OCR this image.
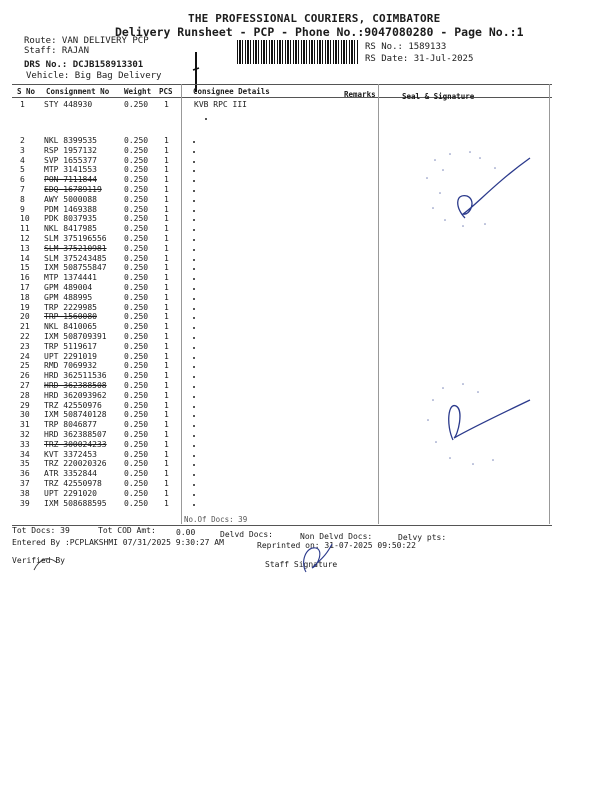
THE PROFESSIONAL COURIERS, COIMBATORE
Delivery Runsheet - PCP - Phone No.:9047080280 - Page No.:1
Route: VAN DELIVERY PCP
Staff: RAJAN
DRS No.: DCJB158913301
Vehicle: Big Bag Delivery
RS No.: 1589133
RS Date: 31-Jul-2025
S No Consignment No Weight PCS	Consignee Details	Remarks	Seal & Signature
1 STY 448930	0.250 1	KVB RPC III
2 NKL 8399535	0.250 1
3 RSP 1957132	0.250 1
4 SVP 1655377	0.250 1
5 MTP 3141553	0.250 1
6 PON 7111844	0.250 1
7 EDQ 16789119	0.250 1
8 AWY 5000088	0.250 1
9 PDM 1469388	0.250 1
10 PDK 8037935	0.250 1
11 NKL 8417985	0.250 1
12 SLM 375196556 0.250 1
13 SLM 375210981 0.250 1
14 SLM 375243485 0.250 1
15 IXM 508755847 0.250 1
16 MTP 1374441	0.250 1
17 GPM 489004	0.250 1
18 GPM 488995	0.250 1
19 TRP 2229985	0.250 1
20 TRP 1560080	0.250 1
21 NKL 8410065	0.250 1
22 IXM 508709391 0.250 1
23 TRP 5119617	0.250 1
24 UPT 2291019	0.250 1
25 RMD 7069932	0.250 1
26 HRD 362511536 0.250 1
27 HRD 362388508 0.250 1
28 HRD 362093962 0.250 1
29 TRZ 42550976	0.250 1
30 IXM 508740128 0.250 1
31 TRP 8046877	0.250 1
32 HRD 362388507 0.250 1
33 TRZ 300024233 0.250 1
34 KVT 3372453	0.250 1
35 TRZ 220020326 0.250 1
36 ATR 3352844	0.250 1
37 TRZ 42550978	0.250 1
38 UPT 2291020	0.250 1
39 IXM 508688595 0.250 1
No.Of Docs: 39
Tot Docs: 39	Tot COD Amt:	0.00	Delvd Docs:	Non Delvd Docs:	Delvy pts:
Entered By :PCPLAKSHMI 07/31/2025 9:30:27 AM	Reprinted on: 31-07-2025 09:50:22
Verified By	Staff Signature
